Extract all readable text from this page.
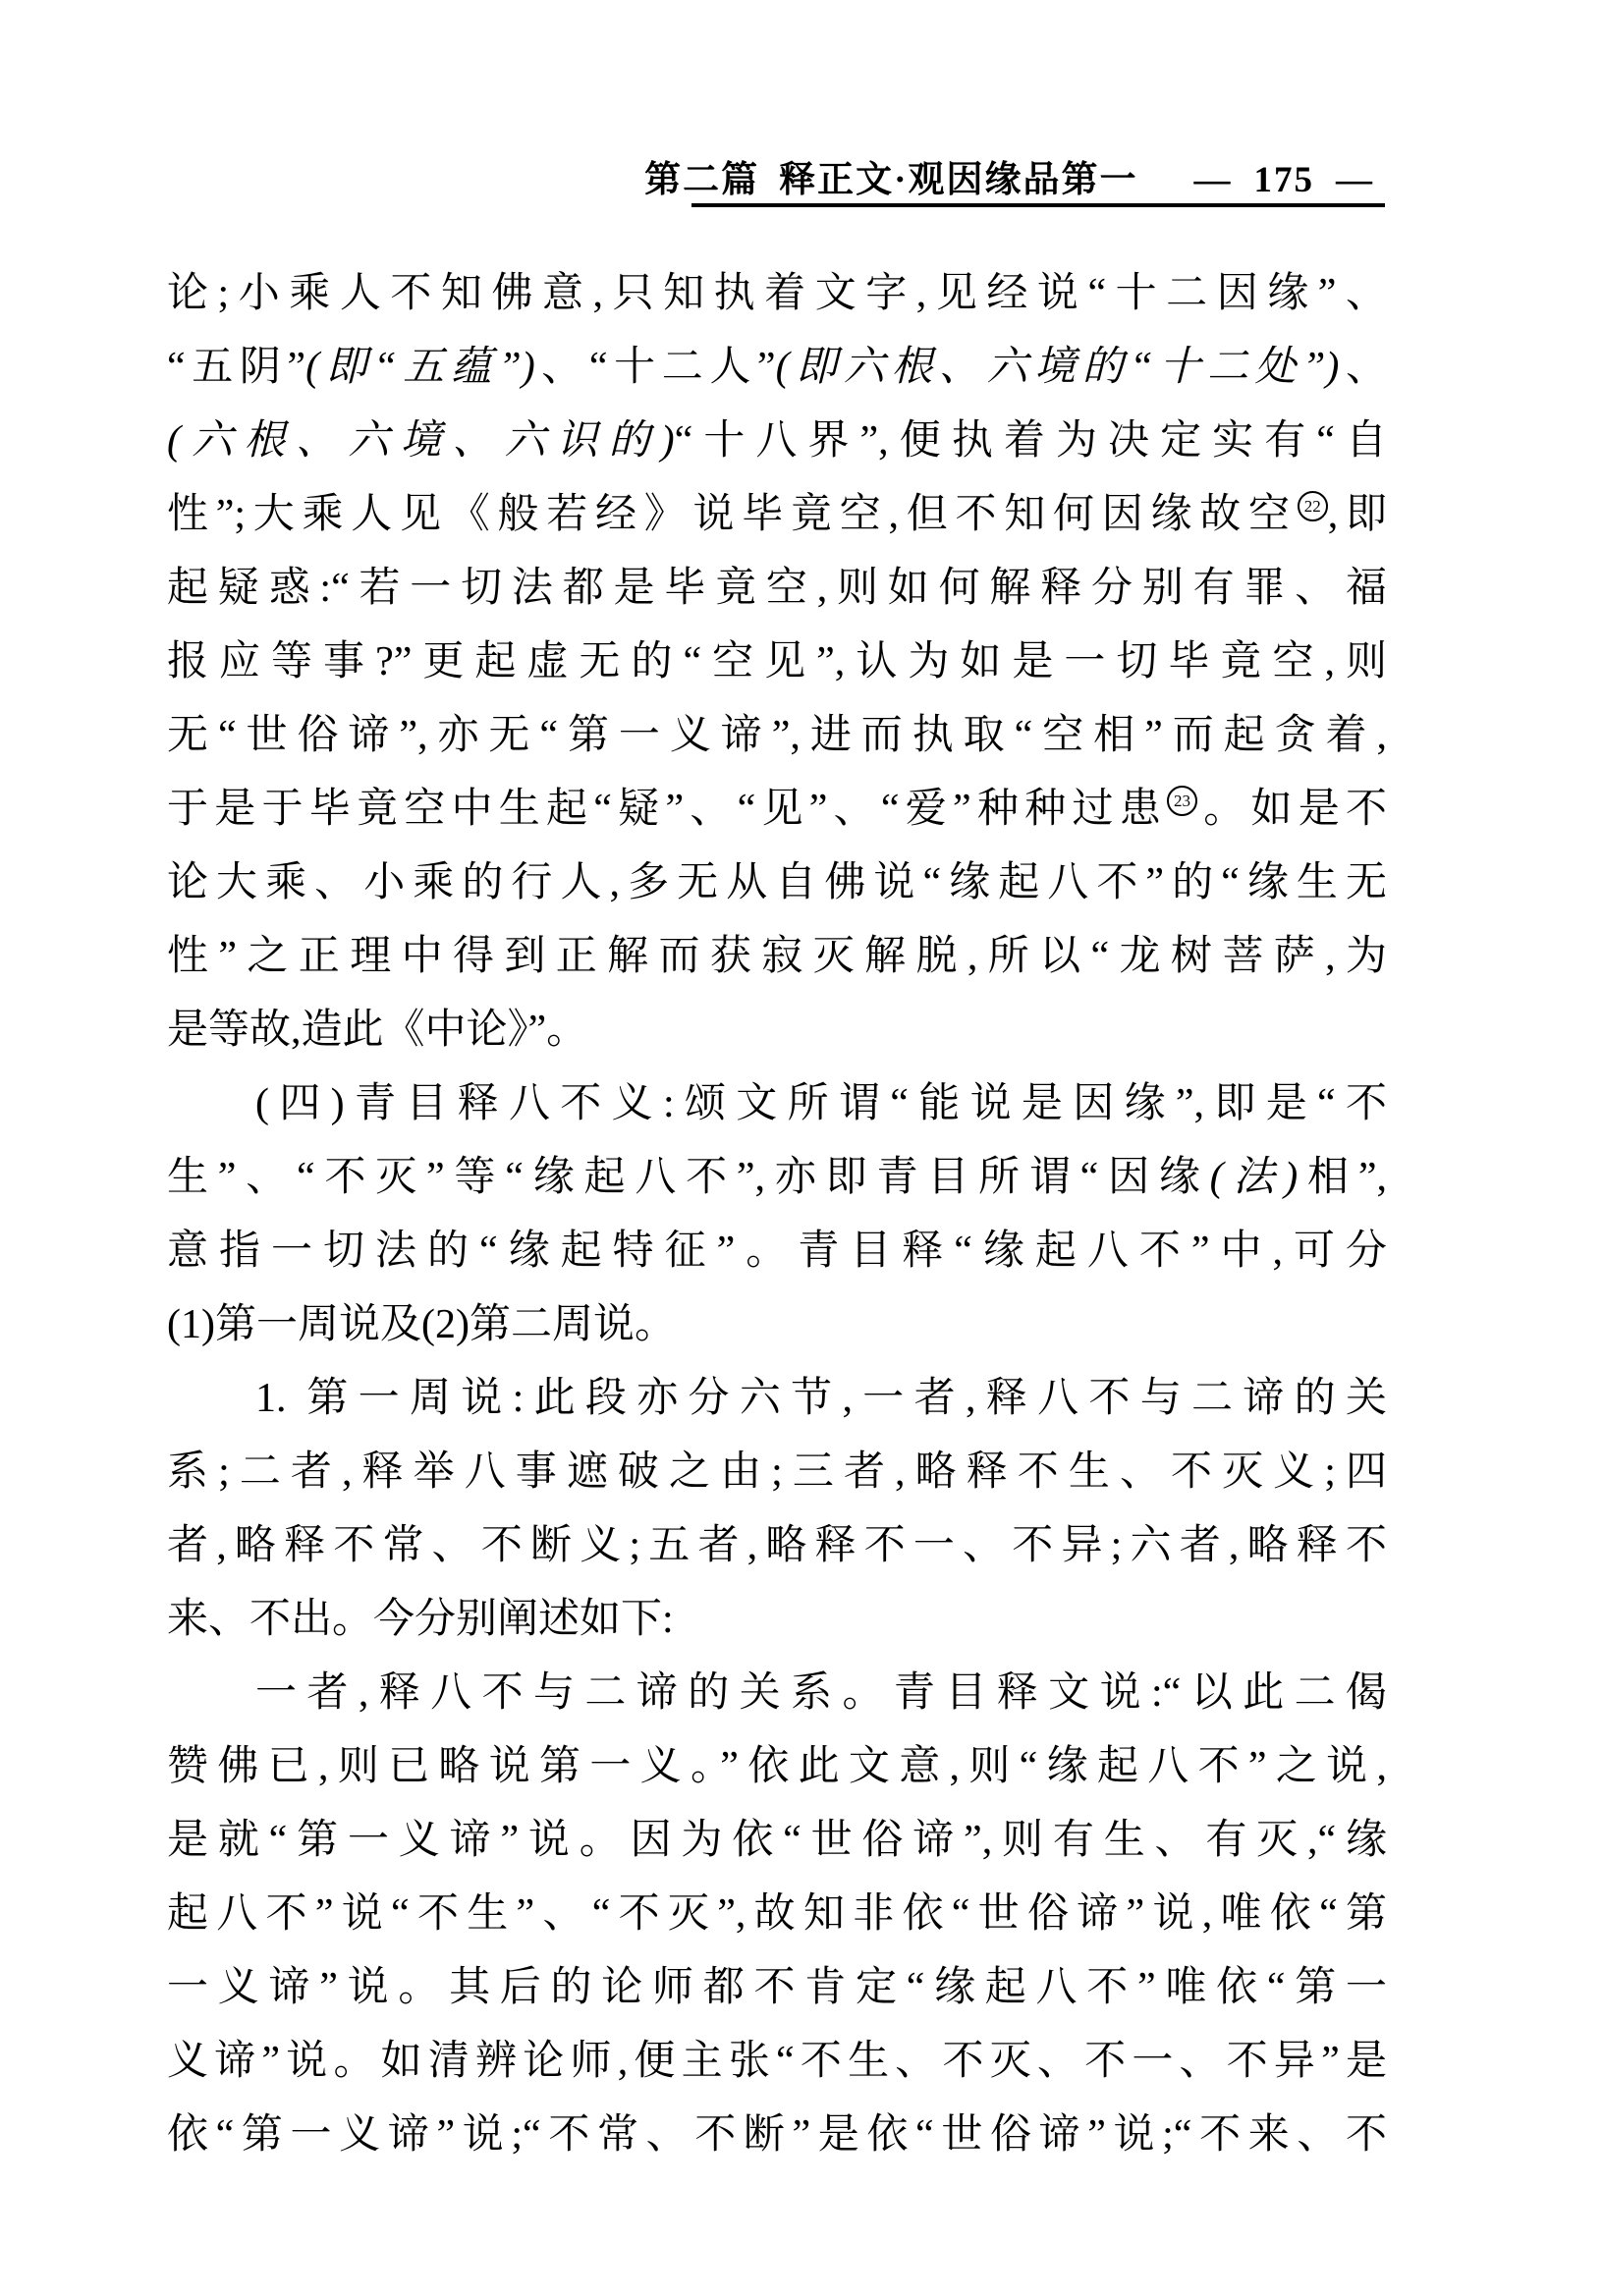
第二篇 释正文·观因缘品第一 — 175 —
论;小乘人不知佛意,只知执着文字,见经说“十二因缘”、
“五阴”(即“五蕴”)、“十二人”(即六根、六境的“十二处”)、
(六根、六境、六识的)“十八界”,便执着为决定实有“自
性”;大乘人见《般若经》说毕竟空,但不知何因缘故空 22 ,即
起疑惑:“若一切法都是毕竟空,则如何解释分别有罪、福
报应等事?”更起虚无的“空见”,认为如是一切毕竟空,则
无“世俗谛”,亦无“第一义谛”,进而执取“空相”而起贪着,
于是于毕竟空中生起“疑”、“见”、“爱”种种过患 23 。如是不
论大乘、小乘的行人,多无从自佛说“缘起八不”的“缘生无
性”之正理中得到正解而获寂灭解脱,所以“龙树菩萨,为
是等故,造此《中论》”。
(四)青目释八不义:颂文所谓“能说是因缘”,即是“不
生”、“不灭”等“缘起八不”,亦即青目所谓“因缘(法)相”,
意指一切法的“缘起特征”。青目释“缘起八不”中,可分
(1)第一周说及(2)第二周说。
1. 第一周说:此段亦分六节,一者,释八不与二谛的关
系;二者,释举八事遮破之由;三者,略释不生、不灭义;四
者,略释不常、不断义;五者,略释不一、不异;六者,略释不
来、不出。今分别阐述如下:
一者,释八不与二谛的关系。青目释文说:“以此二偈
赞佛已,则已略说第一义。”依此文意,则“缘起八不”之说,
是就“第一义谛”说。因为依“世俗谛”,则有生、有灭,“缘
起八不”说“不生”、“不灭”,故知非依“世俗谛”说,唯依“第
一义谛”说。其后的论师都不肯定“缘起八不”唯依“第一
义谛”说。如清辨论师,便主张“不生、不灭、不一、不异”是
依“第一义谛”说;“不常、不断”是依“世俗谛”说;“不来、不
